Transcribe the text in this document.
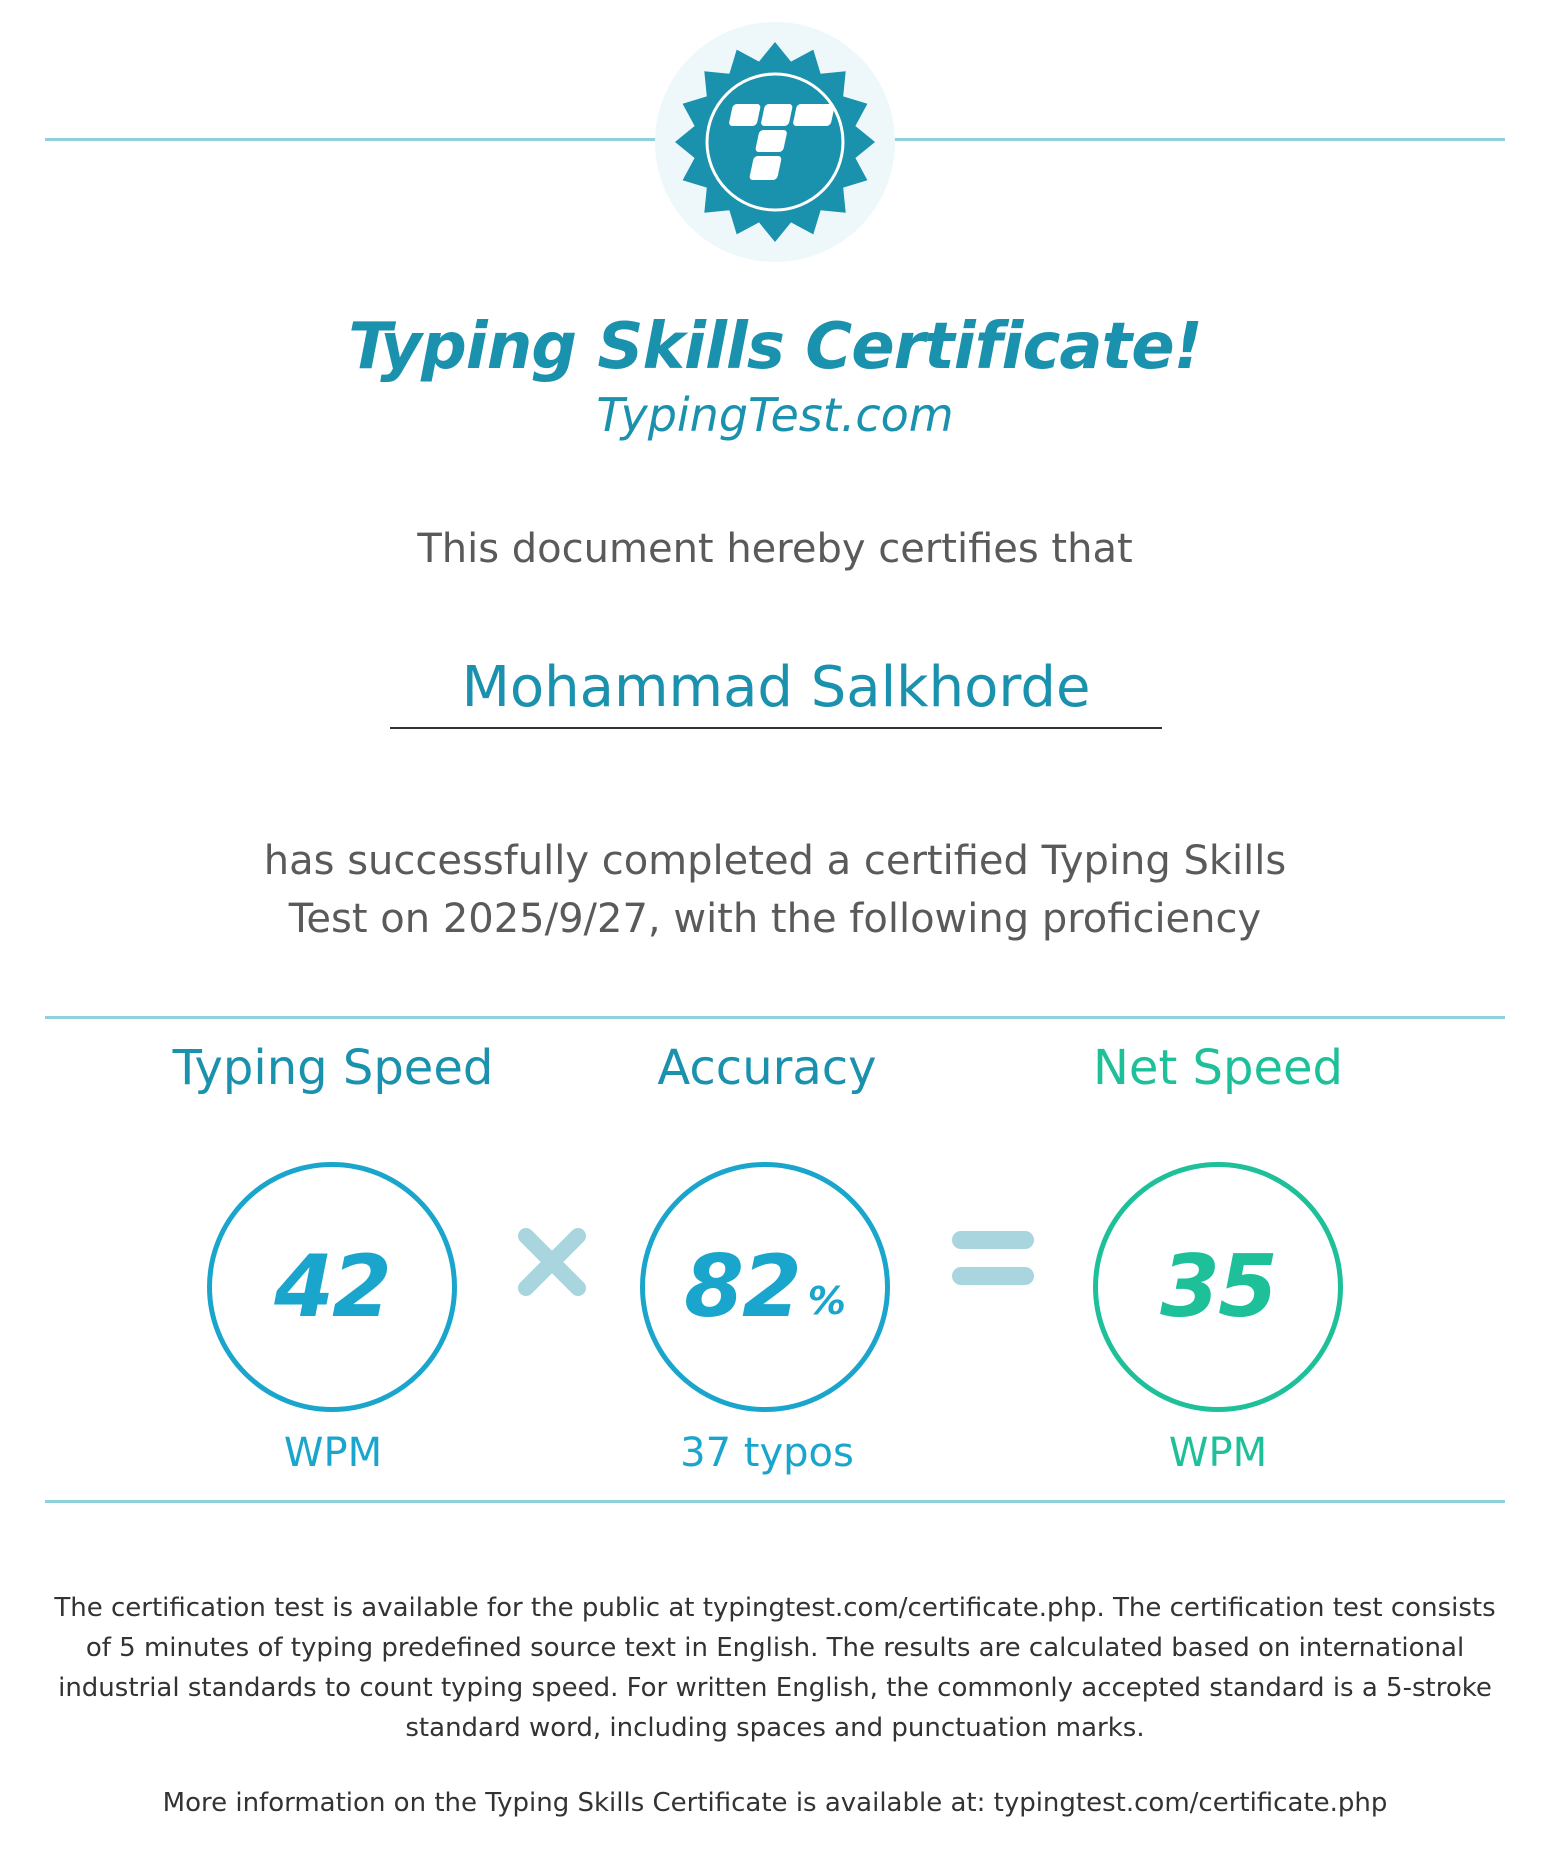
Typing Skills Certificate!
TypingTest.com
This document hereby certifies that
Mohammad Salkhorde
has successfully completed a certified Typing Skills
Test on 2025/9/27, with the following proficiency
Typing Speed	Accuracy	Net Speed
42	82 %	35
WPM	37 typos	WPM
The certification test is available for the public at typingtest.com/certificate.php. The certification test consists of 5 minutes of typing predefined source text in English. The results are calculated based on international industrial standards to count typing speed. For written English, the commonly accepted standard is a 5-stroke standard word, including spaces and punctuation marks.
More information on the Typing Skills Certificate is available at: typingtest.com/certificate.php
